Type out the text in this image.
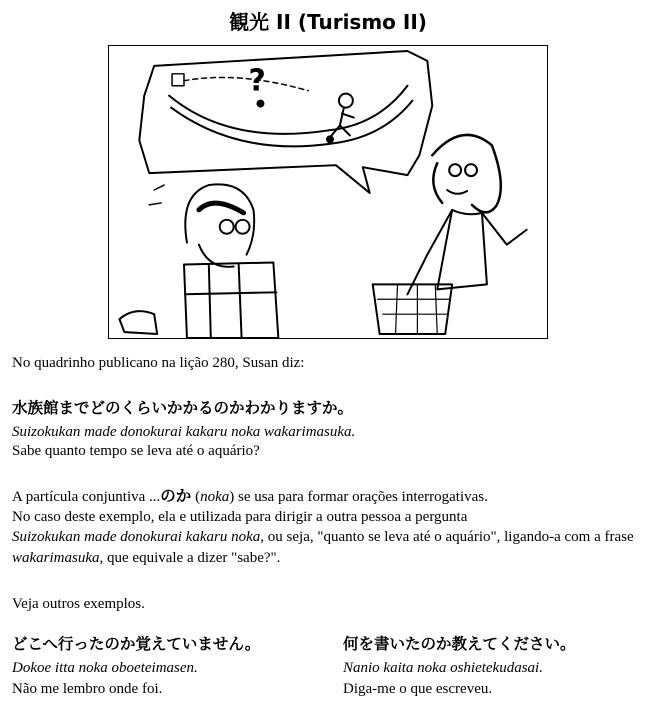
観光 II (Turismo II)
?
No quadrinho publicano na lição 280, Susan diz:
水族館までどのくらいかかるのかわかりますか。
Suizokukan made donokurai kakaru noka wakarimasuka.
Sabe quanto tempo se leva até o aquário?
A partícula conjuntiva ...のか (noka) se usa para formar orações interrogativas.
No caso deste exemplo, ela e utilizada para dirigir a outra pessoa a pergunta
Suizokukan made donokurai kakaru noka, ou seja, "quanto se leva até o aquário", ligando-a com a frase
wakarimasuka, que equivale a dizer "sabe?".
Veja outros exemplos.
どこへ行ったのか覚えていません。
Dokoe itta noka oboeteimasen.
Não me lembro onde foi.
何を書いたのか教えてください。
Nanio kaita noka oshietekudasai.
Diga-me o que escreveu.
